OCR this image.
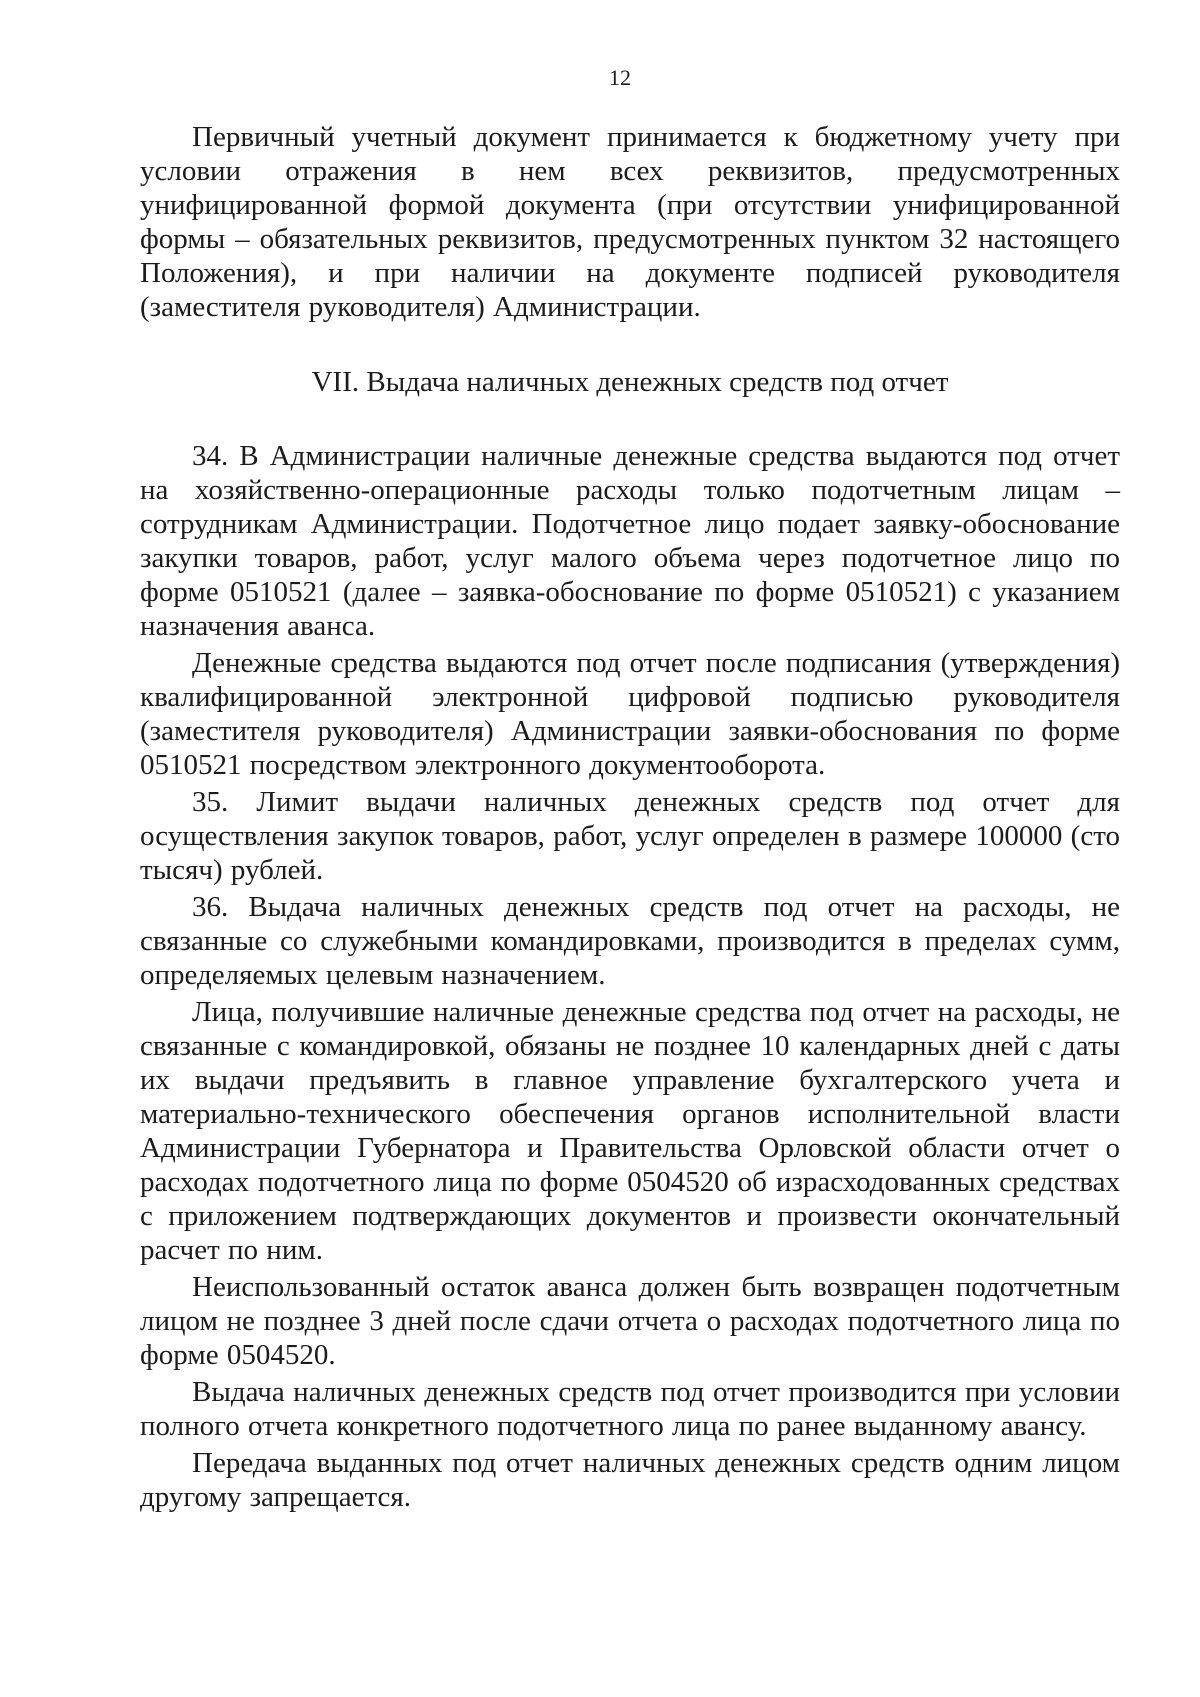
12

Первичный учетный документ принимается к бюджетному учету при условии отражения в нем всех реквизитов, предусмотренных унифицированной формой документа (при отсутствии унифицированной формы – обязательных реквизитов, предусмотренных пунктом 32 настоящего Положения), и при наличии на документе подписей руководителя (заместителя руководителя) Администрации.

VII. Выдача наличных денежных средств под отчет

34. В Администрации наличные денежные средства выдаются под отчет на хозяйственно-операционные расходы только подотчетным лицам – сотрудникам Администрации. Подотчетное лицо подает заявку-обоснование закупки товаров, работ, услуг малого объема через подотчетное лицо по форме 0510521 (далее – заявка-обоснование по форме 0510521) с указанием назначения аванса.

Денежные средства выдаются под отчет после подписания (утверждения) квалифицированной электронной цифровой подписью руководителя (заместителя руководителя) Администрации заявки-обоснования по форме 0510521 посредством электронного документооборота.

35. Лимит выдачи наличных денежных средств под отчет для осуществления закупок товаров, работ, услуг определен в размере 100000 (сто тысяч) рублей.

36. Выдача наличных денежных средств под отчет на расходы, не связанные со служебными командировками, производится в пределах сумм, определяемых целевым назначением.

Лица, получившие наличные денежные средства под отчет на расходы, не связанные с командировкой, обязаны не позднее 10 календарных дней с даты их выдачи предъявить в главное управление бухгалтерского учета и материально-технического обеспечения органов исполнительной власти Администрации Губернатора и Правительства Орловской области отчет о расходах подотчетного лица по форме 0504520 об израсходованных средствах с приложением подтверждающих документов и произвести окончательный расчет по ним.

Неиспользованный остаток аванса должен быть возвращен подотчетным лицом не позднее 3 дней после сдачи отчета о расходах подотчетного лица по форме 0504520.

Выдача наличных денежных средств под отчет производится при условии полного отчета конкретного подотчетного лица по ранее выданному авансу.

Передача выданных под отчет наличных денежных средств одним лицом другому запрещается.
